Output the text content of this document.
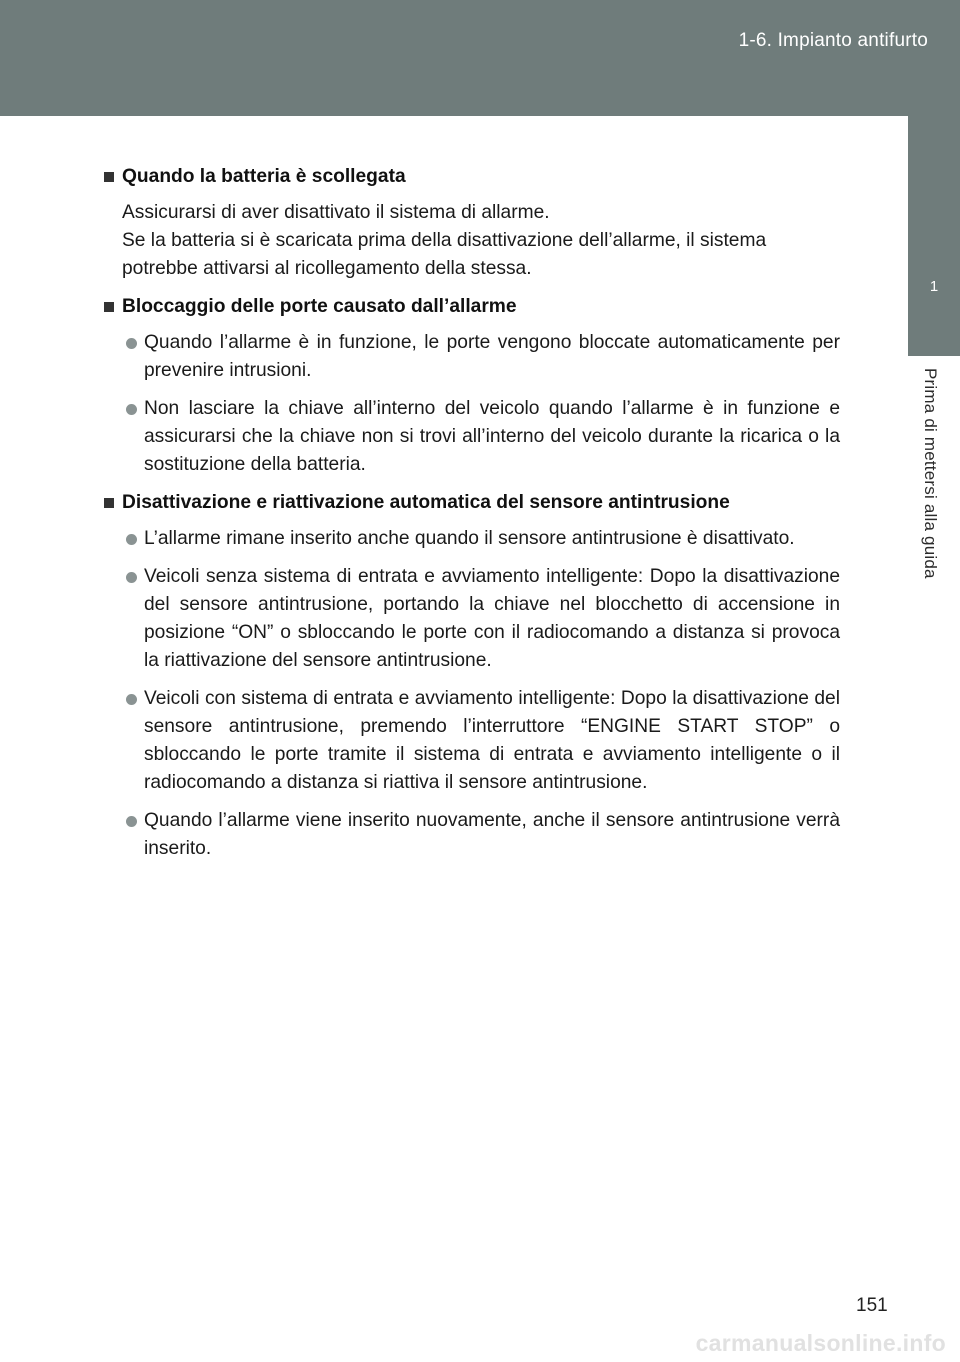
1-6. Impianto antifurto
1
Prima di mettersi alla guida
Quando la batteria è scollegata
Assicurarsi di aver disattivato il sistema di allarme.
Se la batteria si è scaricata prima della disattivazione dell’allarme, il sistema potrebbe attivarsi al ricollegamento della stessa.
Bloccaggio delle porte causato dall’allarme
Quando l’allarme è in funzione, le porte vengono bloccate automaticamente per prevenire intrusioni.
Non lasciare la chiave all’interno del veicolo quando l’allarme è in funzione e assicurarsi che la chiave non si trovi all’interno del veicolo durante la ricarica o la sostituzione della batteria.
Disattivazione e riattivazione automatica del sensore antintrusione
L’allarme rimane inserito anche quando il sensore antintrusione è disattivato.
Veicoli senza sistema di entrata e avviamento intelligente: Dopo la disattivazione del sensore antintrusione, portando la chiave nel blocchetto di accensione in posizione “ON” o sbloccando le porte con il radiocomando a distanza si provoca la riattivazione del sensore antintrusione.
Veicoli con sistema di entrata e avviamento intelligente: Dopo la disattivazione del sensore antintrusione, premendo l’interruttore “ENGINE START STOP” o sbloccando le porte tramite il sistema di entrata e avviamento intelligente o il radiocomando a distanza si riattiva il sensore antintrusione.
Quando l’allarme viene inserito nuovamente, anche il sensore antintrusione verrà inserito.
151
carmanualsonline.info
